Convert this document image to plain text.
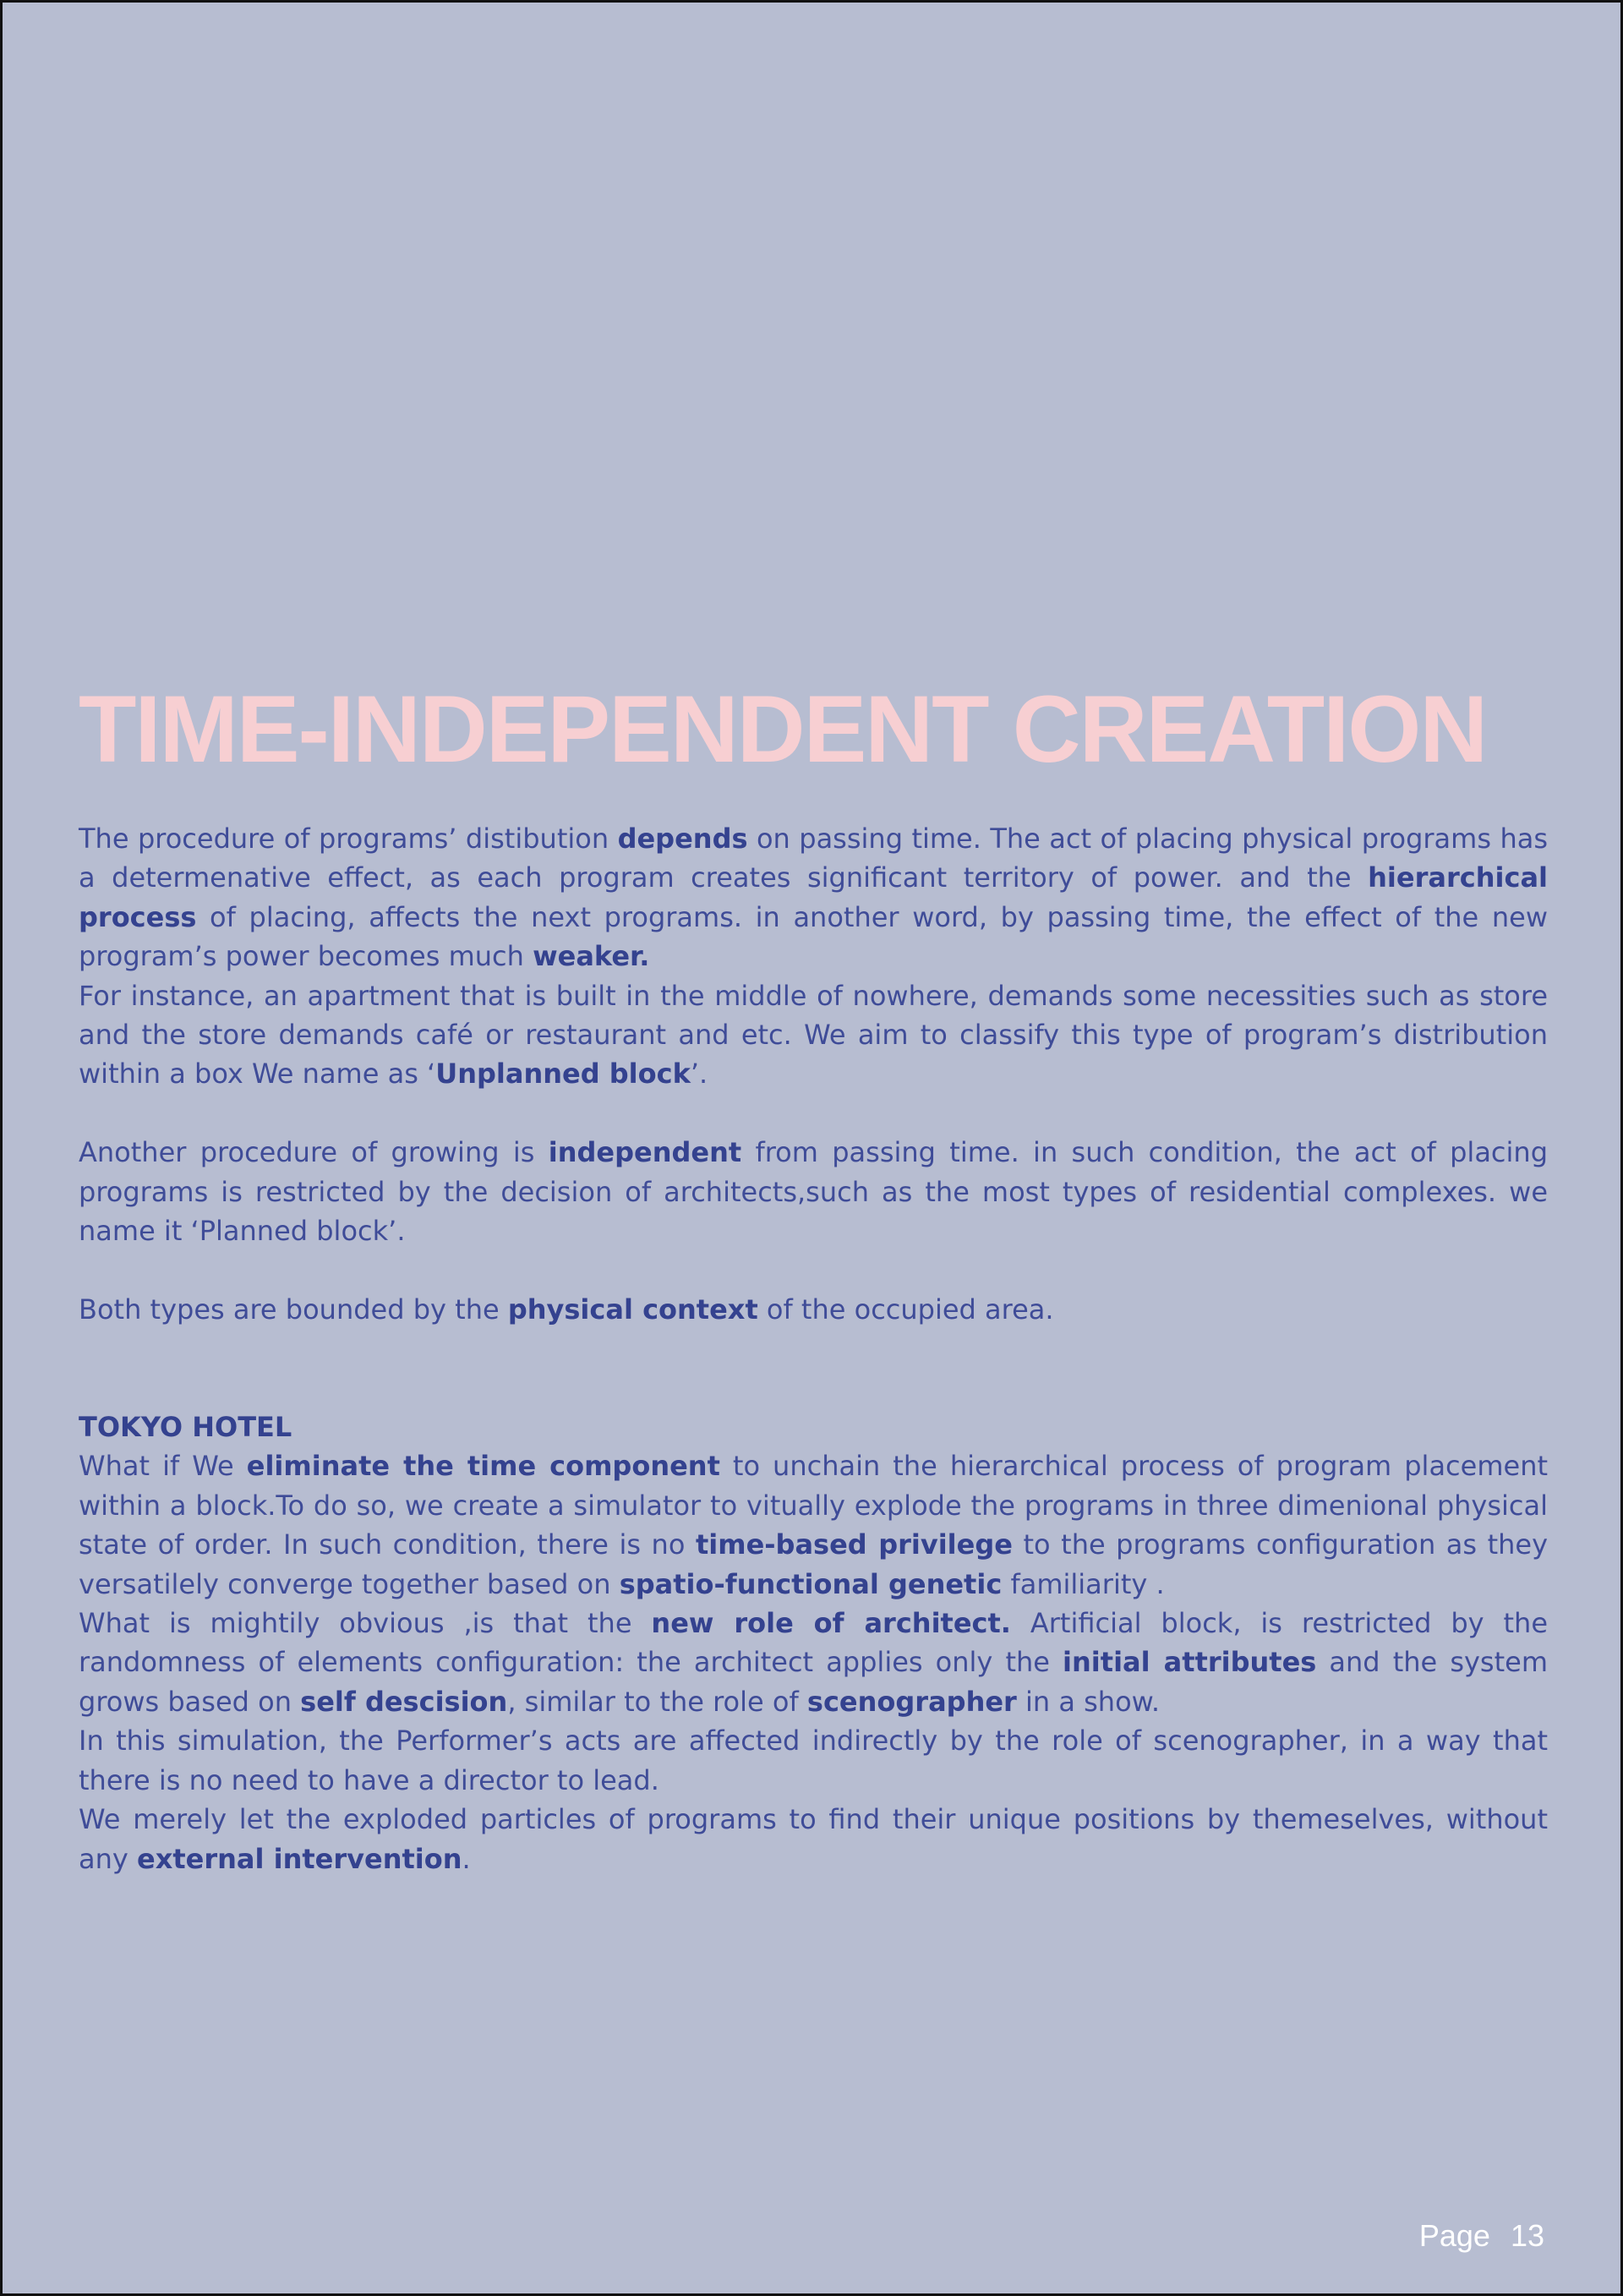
TIME-INDEPENDENT CREATION

The procedure of programs’ distibution depends on passing time. The act of placing physical programs has a determenative effect, as each program creates significant territory of power. and the hierarchical process of placing, affects the next programs. in another word, by passing time, the effect of the new program’s power becomes much weaker.

For instance, an apartment that is built in the middle of nowhere, demands some necessities such as store and the store demands café or restaurant and etc. We aim to classify this type of program’s distribution within a box We name as ‘Unplanned block’.

Another procedure of growing is independent from passing time. in such condition, the act of placing programs is restricted by the decision of architects,such as the most types of residential complexes. we name it ‘Planned block’.

Both types are bounded by the physical context of the occupied area.

TOKYO HOTEL

What if We eliminate the time component to unchain the hierarchical process of program placement within a block.To do so, we create a simulator to vitually explode the programs in three dimenional physical state of order. In such condition, there is no time-based privilege to the programs configuration as they versatilely converge together based on spatio-functional genetic familiarity .

What is mightily obvious ,is that the new role of architect. Artificial block, is restricted by the randomness of elements configuration: the architect applies only the initial attributes and the system grows based on self descision, similar to the role of scenographer in a show.

In this simulation, the Performer’s acts are affected indirectly by the role of scenographer, in a way that there is no need to have a director to lead.

We merely let the exploded particles of programs to find their unique positions by themeselves, without any external intervention.

Page 13
